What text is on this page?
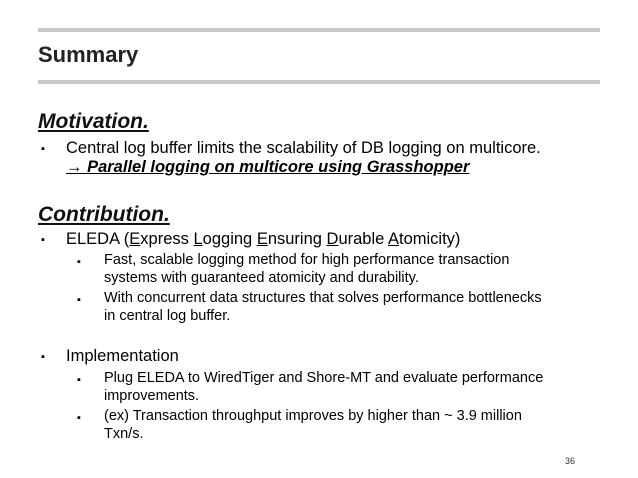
Summary
Motivation.
▪ Central log buffer limits the scalability of DB logging on multicore.
→ Parallel logging on multicore using Grasshopper
Contribution.
▪ ELEDA (Express Logging Ensuring Durable Atomicity)
▪ Fast, scalable logging method for high performance transaction
systems with guaranteed atomicity and durability.
▪ With concurrent data structures that solves performance bottlenecks
in central log buffer.
▪ Implementation
▪ Plug ELEDA to WiredTiger and Shore-MT and evaluate performance
improvements.
▪ (ex) Transaction throughput improves by higher than ~ 3.9 million
Txn/s.
36
